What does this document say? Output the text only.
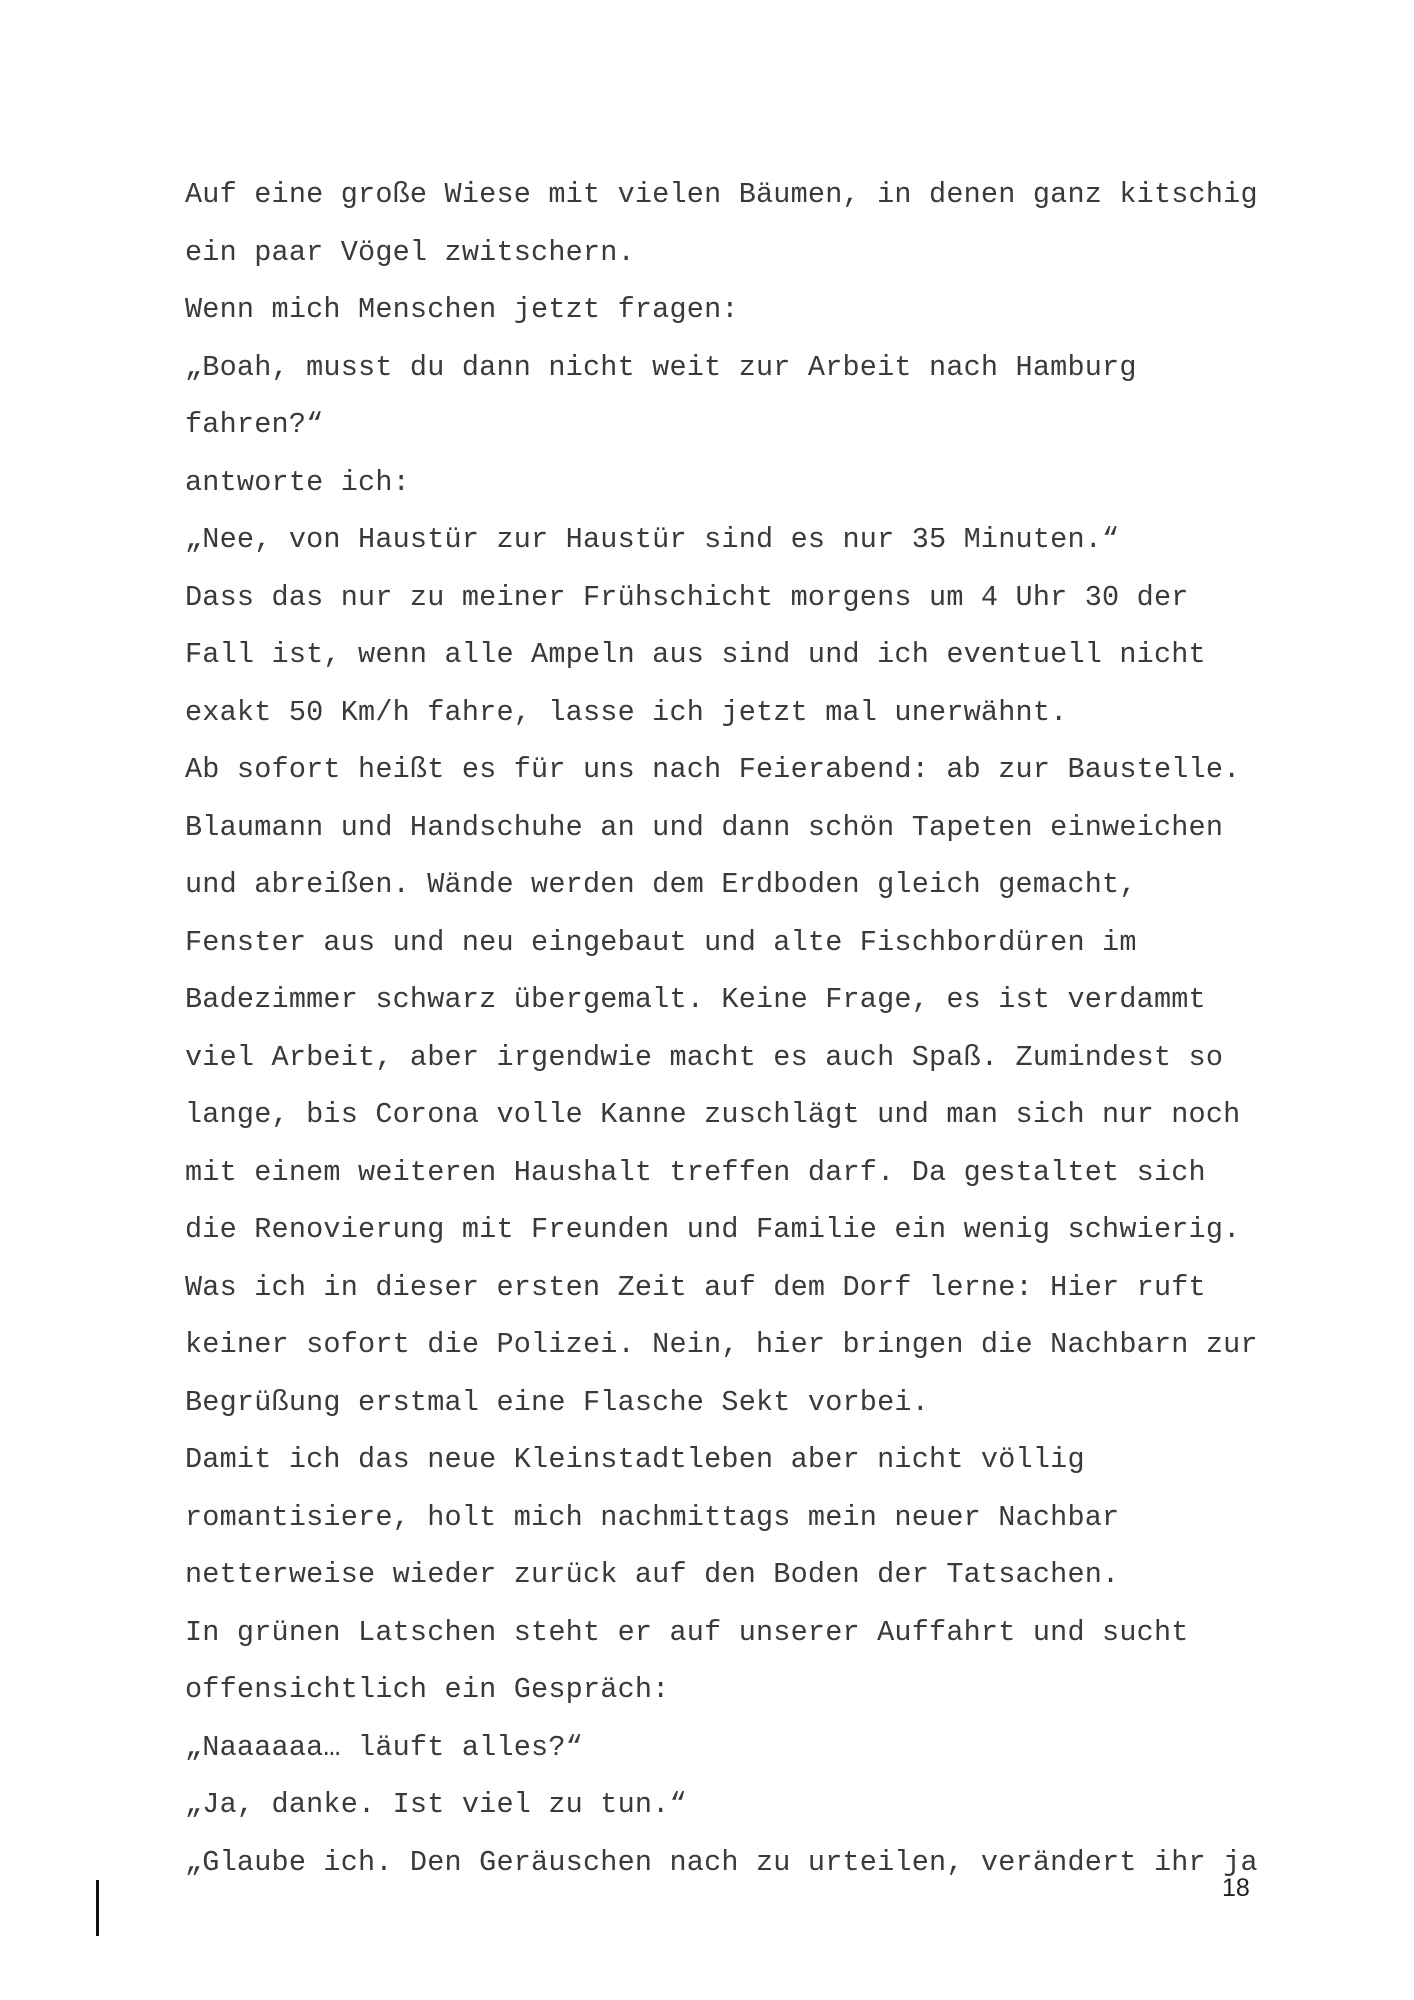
Auf eine große Wiese mit vielen Bäumen, in denen ganz kitschig
ein paar Vögel zwitschern.
Wenn mich Menschen jetzt fragen:
„Boah, musst du dann nicht weit zur Arbeit nach Hamburg
fahren?“
antworte ich:
„Nee, von Haustür zur Haustür sind es nur 35 Minuten.“
Dass das nur zu meiner Frühschicht morgens um 4 Uhr 30 der
Fall ist, wenn alle Ampeln aus sind und ich eventuell nicht
exakt 50 Km/h fahre, lasse ich jetzt mal unerwähnt.
Ab sofort heißt es für uns nach Feierabend: ab zur Baustelle.
Blaumann und Handschuhe an und dann schön Tapeten einweichen
und abreißen. Wände werden dem Erdboden gleich gemacht,
Fenster aus und neu eingebaut und alte Fischbordüren im
Badezimmer schwarz übergemalt. Keine Frage, es ist verdammt
viel Arbeit, aber irgendwie macht es auch Spaß. Zumindest so
lange, bis Corona volle Kanne zuschlägt und man sich nur noch
mit einem weiteren Haushalt treffen darf. Da gestaltet sich
die Renovierung mit Freunden und Familie ein wenig schwierig.
Was ich in dieser ersten Zeit auf dem Dorf lerne: Hier ruft
keiner sofort die Polizei. Nein, hier bringen die Nachbarn zur
Begrüßung erstmal eine Flasche Sekt vorbei.
Damit ich das neue Kleinstadtleben aber nicht völlig
romantisiere, holt mich nachmittags mein neuer Nachbar
netterweise wieder zurück auf den Boden der Tatsachen.
In grünen Latschen steht er auf unserer Auffahrt und sucht
offensichtlich ein Gespräch:
„Naaaaaa… läuft alles?“
„Ja, danke. Ist viel zu tun.“
„Glaube ich. Den Geräuschen nach zu urteilen, verändert ihr ja
18
